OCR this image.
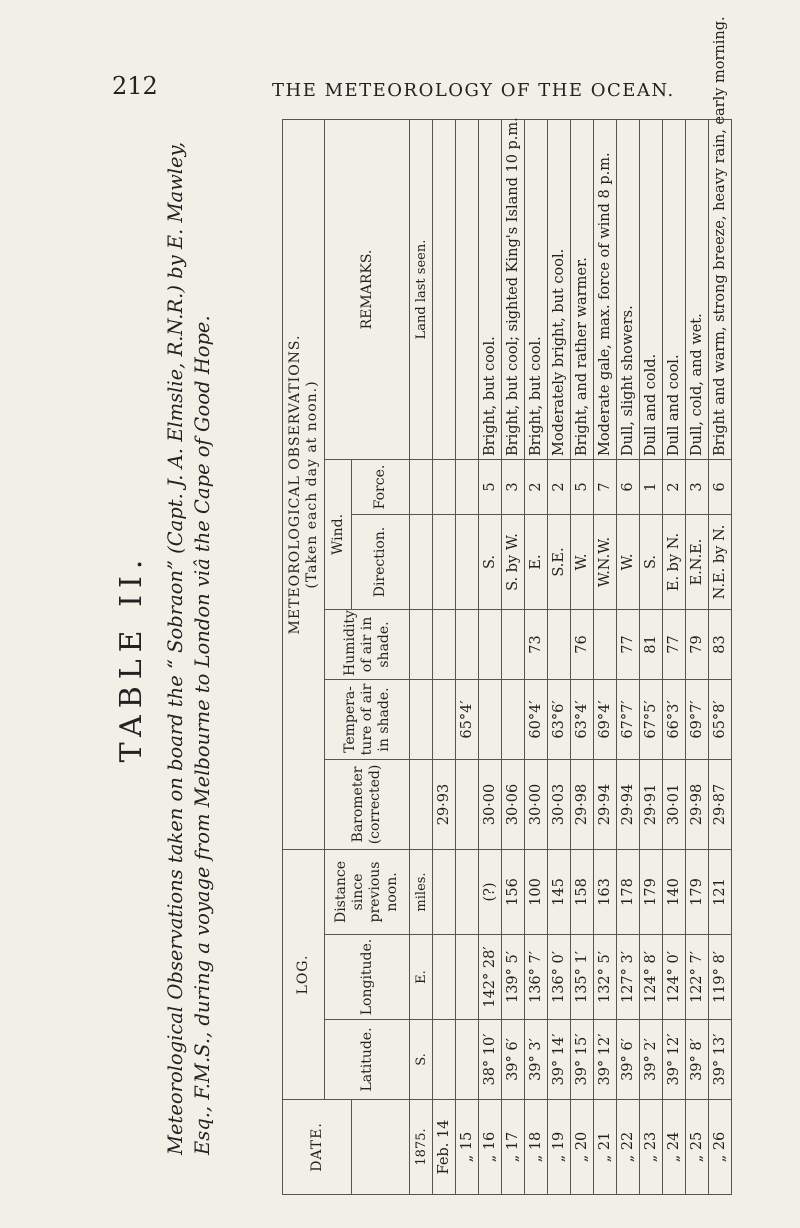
212	THE METEOROLOGY OF THE OCEAN.
TABLE II. Meteorological Observations taken on board the “ Sobraon” (Capt. J. A. Elmslie, R.N.R.) by E. Mawley, Esq., F.M.S., during a voyage from Melbourne to London viâ the Cape of Good Hope.	DATE.	LOG.			METEOROLOGICAL OBSERVATIONS.
(Taken each day at noon.)					
	Latitude.	Longitude.	Distance since previous noon.	Barometer (corrected)	Tempera-ture of air in shade.	Humidity of air in shade.	Wind.		REMARKS.
							Direction.	Force.	
1875.	S.	E.	miles.						Land last seen.
Feb. 14				29·93					
„ 15					65°4′				
„ 16	38° 10′	142° 28′	(?)	30·00			S.	5	Bright, but cool.
„ 17	39° 6′	139° 5′	156	30·06			S. by W.	3	Bright, but cool; sighted King's Island 10 p.m.
„ 18	39° 3′	136° 7′	100	30·00	60°4′	73	E.	2	Bright, but cool.
„ 19	39° 14′	136° 0′	145	30·03	63°6′		S.E.	2	Moderately bright, but cool.
„ 20	39° 15′	135° 1′	158	29·98	63°4′	76	W.	5	Bright, and rather warmer.
„ 21	39° 12′	132° 5′	163	29·94	69°4′		W.N.W.	7	Moderate gale, max. force of wind 8 p.m.
„ 22	39° 6′	127° 3′	178	29·94	67°7′	77	W.	6	Dull, slight showers.
„ 23	39° 2′	124° 8′	179	29·91	67°5′	81	S.	1	Dull and cold.
„ 24	39° 12′	124° 0′	140	30·01	66°3′	77	E. by N.	2	Dull and cool.
„ 25	39° 8′	122° 7′	179	29·98	69°7′	79	E.N.E.	3	Dull, cold, and wet.
„ 26	39° 13′	119° 8′	121	29·87	65°8′	83	N.E. by N.	6	Bright and warm, strong breeze, heavy rain, early morning.
